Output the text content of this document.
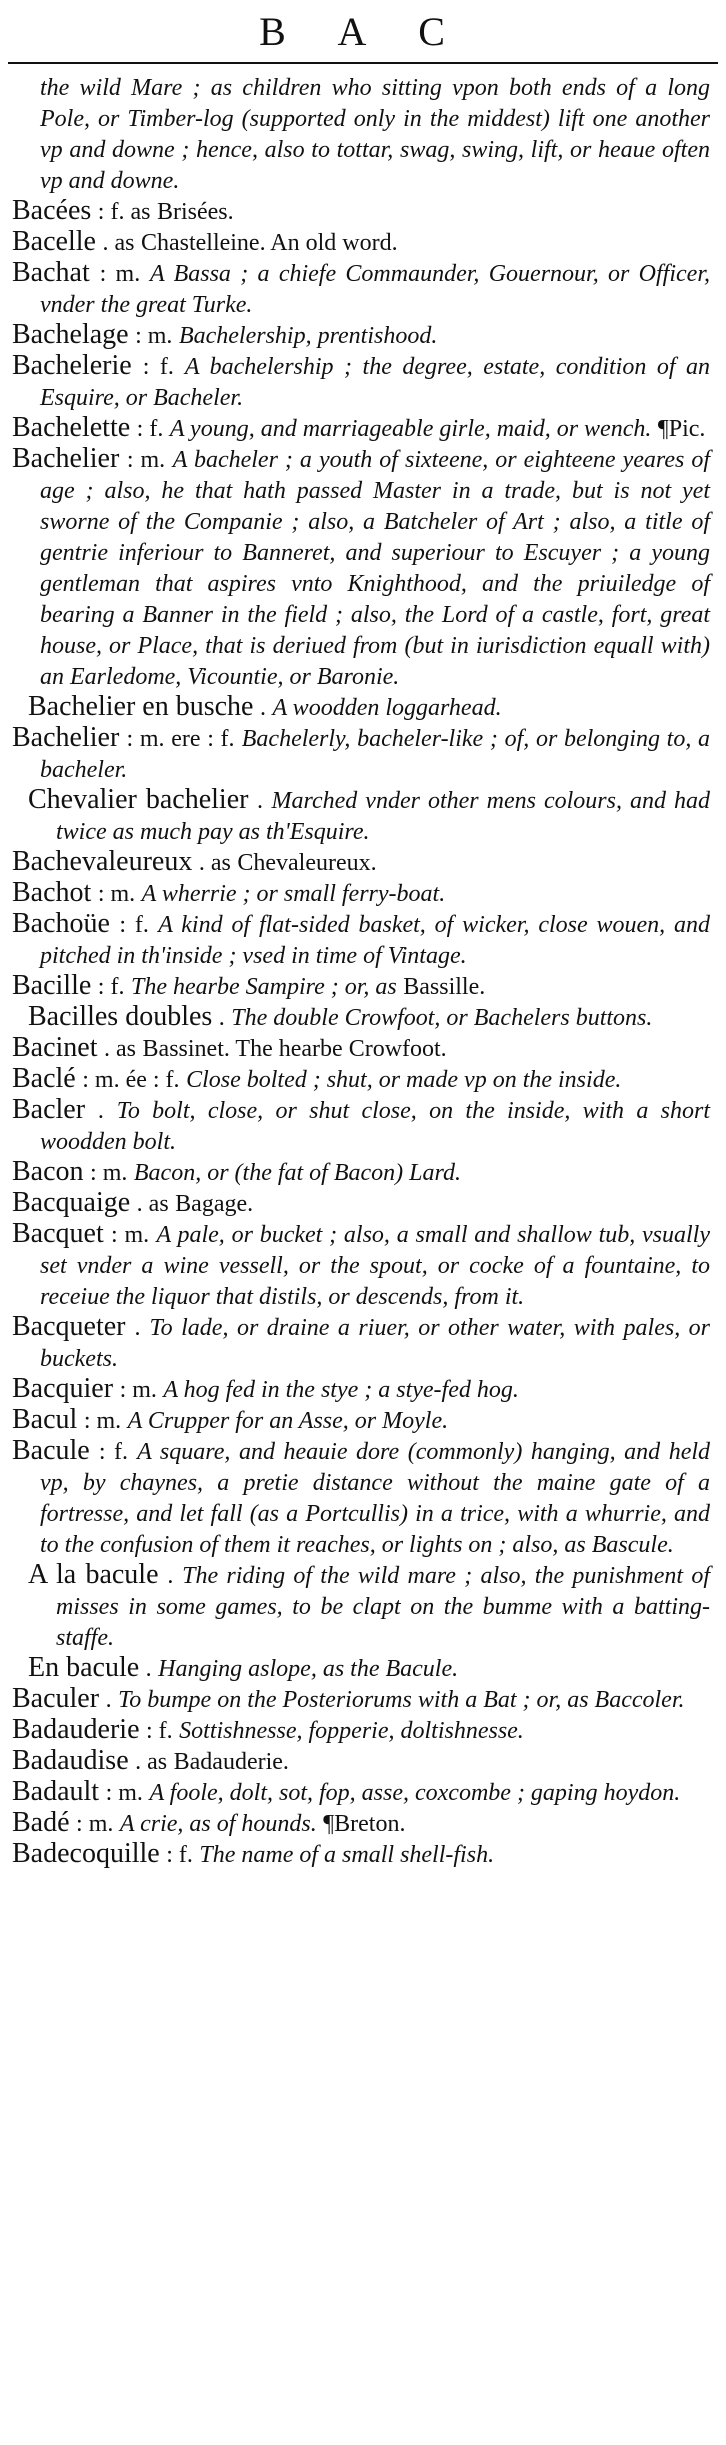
B A C

the wild Mare ; as children who sitting vpon both ends of a long Pole, or Timber-log (supported only in the middest) lift one another vp and downe ; hence, also to tottar, swag, swing, lift, or heaue often vp and downe.

Bacées : f. as Brisées.

Bacelle . as Chastelleine. An old word.

Bachat : m. A Bassa ; a chiefe Commaunder, Gouernour, or Officer, vnder the great Turke.

Bachelage : m. Bachelership, prentishood.

Bachelerie : f. A bachelership ; the degree, estate, condition of an Esquire, or Bacheler.

Bachelette : f. A young, and marriageable girle, maid, or wench. ¶Pic.

Bachelier : m. A bacheler ; a youth of sixteene, or eighteene yeares of age ; also, he that hath passed Master in a trade, but is not yet sworne of the Companie ; also, a Batcheler of Art ; also, a title of gentrie inferiour to Banneret, and superiour to Escuyer ; a young gentleman that aspires vnto Knighthood, and the priuiledge of bearing a Banner in the field ; also, the Lord of a castle, fort, great house, or Place, that is deriued from (but in iurisdiction equall with) an Earledome, Vicountie, or Baronie.

Bachelier en busche . A woodden loggarhead.

Bachelier : m. ere : f. Bachelerly, bacheler-like ; of, or belonging to, a bacheler.

Chevalier bachelier . Marched vnder other mens colours, and had twice as much pay as th'Esquire.

Bachevaleureux . as Chevaleureux.

Bachot : m. A wherrie ; or small ferry-boat.

Bachoüe : f. A kind of flat-sided basket, of wicker, close wouen, and pitched in th'inside ; vsed in time of Vintage.

Bacille : f. The hearbe Sampire ; or, as Bassille.

Bacilles doubles . The double Crowfoot, or Bachelers buttons.

Bacinet . as Bassinet. The hearbe Crowfoot.

Baclé : m. ée : f. Close bolted ; shut, or made vp on the inside.

Bacler . To bolt, close, or shut close, on the inside, with a short woodden bolt.

Bacon : m. Bacon, or (the fat of Bacon) Lard.

Bacquaige . as Bagage.

Bacquet : m. A pale, or bucket ; also, a small and shallow tub, vsually set vnder a wine vessell, or the spout, or cocke of a fountaine, to receiue the liquor that distils, or descends, from it.

Bacqueter . To lade, or draine a riuer, or other water, with pales, or buckets.

Bacquier : m. A hog fed in the stye ; a stye-fed hog.

Bacul : m. A Crupper for an Asse, or Moyle.

Bacule : f. A square, and heauie dore (commonly) hanging, and held vp, by chaynes, a pretie distance without the maine gate of a fortresse, and let fall (as a Portcullis) in a trice, with a whurrie, and to the confusion of them it reaches, or lights on ; also, as Bascule.

A la bacule . The riding of the wild mare ; also, the punishment of misses in some games, to be clapt on the bumme with a batting-staffe.

En bacule . Hanging aslope, as the Bacule.

Baculer . To bumpe on the Posteriorums with a Bat ; or, as Baccoler.

Badauderie : f. Sottishnesse, fopperie, doltishnesse.

Badaudise . as Badauderie.

Badault : m. A foole, dolt, sot, fop, asse, coxcombe ; gaping hoydon.

Badé : m. A crie, as of hounds. ¶Breton.

Badecoquille : f. The name of a small shell-fish.
